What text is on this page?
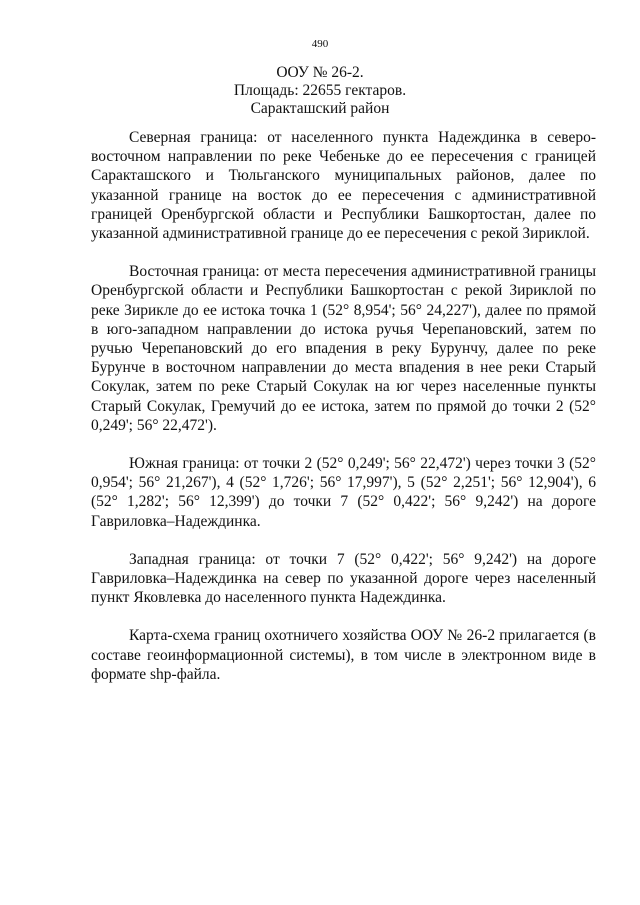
490
ООУ № 26-2.
Площадь: 22655 гектаров.
Саракташский район

Северная граница: от населенного пункта Надеждинка в северо-восточном направлении по реке Чебеньке до ее пересечения с границей Саракташского и Тюльганского муниципальных районов, далее по указанной границе на восток до ее пересечения с административной границей Оренбургской области и Республики Башкортостан, далее по указанной административной границе до ее пересечения с рекой Зириклой.

Восточная граница: от места пересечения административной границы Оренбургской области и Республики Башкортостан с рекой Зириклой по реке Зирикле до ее истока точка 1 (52° 8,954'; 56° 24,227'), далее по прямой в юго-западном направлении до истока ручья Черепановский, затем по ручью Черепановский до его впадения в реку Бурунчу, далее по реке Бурунче в восточном направлении до места впадения в нее реки Старый Сокулак, затем по реке Старый Сокулак на юг через населенные пункты Старый Сокулак, Гремучий до ее истока, затем по прямой до точки 2 (52° 0,249'; 56° 22,472').

Южная граница: от точки 2 (52° 0,249'; 56° 22,472') через точки 3 (52° 0,954'; 56° 21,267'), 4 (52° 1,726'; 56° 17,997'), 5 (52° 2,251'; 56° 12,904'), 6 (52° 1,282'; 56° 12,399') до точки 7 (52° 0,422'; 56° 9,242') на дороге Гавриловка–Надеждинка.

Западная граница: от точки 7 (52° 0,422'; 56° 9,242') на дороге Гавриловка–Надеждинка на север по указанной дороге через населенный пункт Яковлевка до населенного пункта Надеждинка.

Карта-схема границ охотничего хозяйства ООУ № 26-2 прилагается (в составе геоинформационной системы), в том числе в электронном виде в формате shp-файла.
